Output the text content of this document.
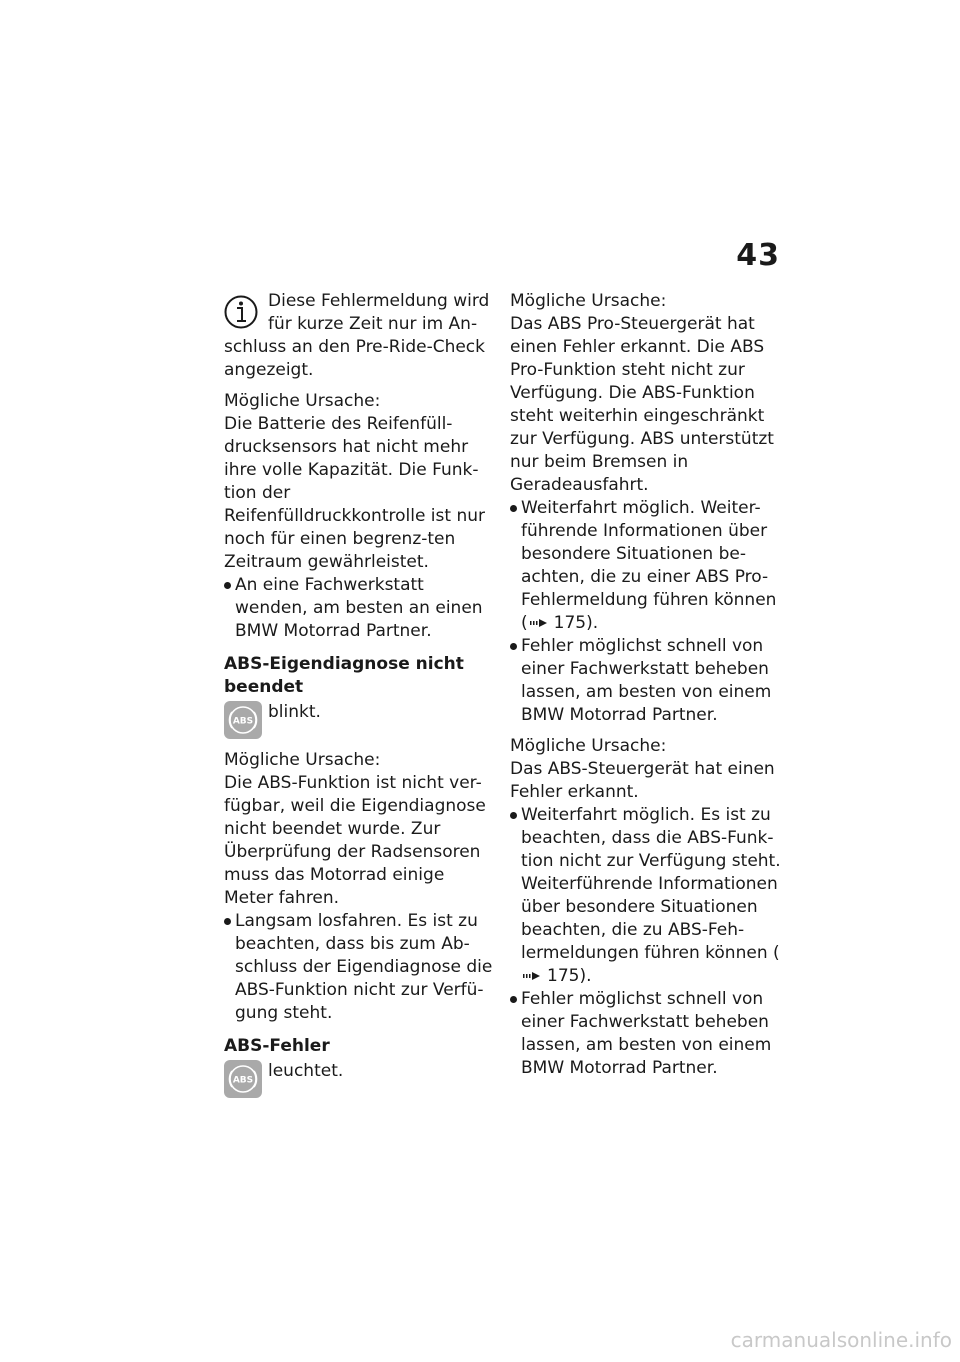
43

Diese Fehlermeldung wird für kurze Zeit nur im An-

schluss an den Pre-Ride-Check angezeigt.

Mögliche Ursache:

Die Batterie des Reifenfüll-drucksensors hat nicht mehr ihre volle Kapazität. Die Funk-tion der Reifenfülldruckkontrolle ist nur noch für einen begrenz-ten Zeitraum gewährleistet.

An eine Fachwerkstatt wenden, am besten an einen BMW Motorrad Partner.

ABS-Eigendiagnose nicht beendet

ABS blinkt.

Mögliche Ursache:

Die ABS-Funktion ist nicht ver-fügbar, weil die Eigendiagnose nicht beendet wurde. Zur Überprüfung der Radsensoren muss das Motorrad einige Meter fahren.

Langsam losfahren. Es ist zu beachten, dass bis zum Ab-schluss der Eigendiagnose die ABS-Funktion nicht zur Verfü-gung steht.

ABS-Fehler

ABS leuchtet.

Mögliche Ursache:

Das ABS Pro-Steuergerät hat einen Fehler erkannt. Die ABS Pro-Funktion steht nicht zur Verfügung. Die ABS-Funktion steht weiterhin eingeschränkt zur Verfügung. ABS unterstützt nur beim Bremsen in Geradeausfahrt.

Weiterfahrt möglich. Weiter-führende Informationen über besondere Situationen be-achten, die zu einer ABS Pro-Fehlermeldung führen können ( 175).
Fehler möglichst schnell von einer Fachwerkstatt beheben lassen, am besten von einem BMW Motorrad Partner.

Mögliche Ursache:

Das ABS-Steuergerät hat einen Fehler erkannt.

Weiterfahrt möglich. Es ist zu beachten, dass die ABS-Funk-tion nicht zur Verfügung steht. Weiterführende Informationen über besondere Situationen beachten, die zu ABS-Feh-lermeldungen führen können (175).
Fehler möglichst schnell von einer Fachwerkstatt beheben lassen, am besten von einem BMW Motorrad Partner.
carmanualsonline.info
